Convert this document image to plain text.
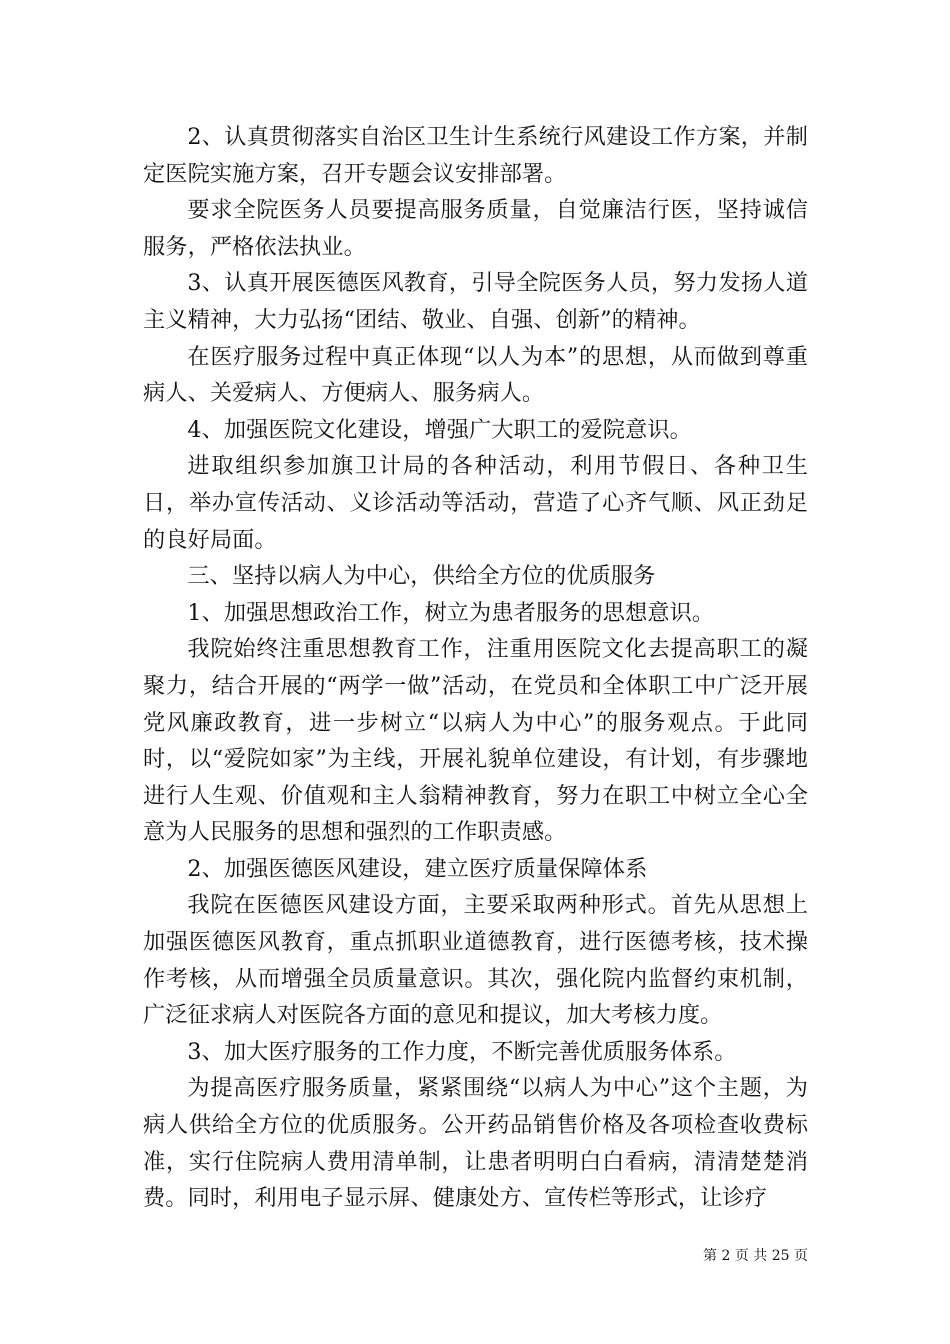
2、认真贯彻落实自治区卫生计生系统行风建设工作方案，并制定医院实施方案，召开专题会议安排部署。

要求全院医务人员要提高服务质量，自觉廉洁行医，坚持诚信服务，严格依法执业。

3、认真开展医德医风教育，引导全院医务人员，努力发扬人道主义精神，大力弘扬“团结、敬业、自强、创新”的精神。

在医疗服务过程中真正体现“以人为本”的思想，从而做到尊重病人、关爱病人、方便病人、服务病人。

4、加强医院文化建设，增强广大职工的爱院意识。

进取组织参加旗卫计局的各种活动，利用节假日、各种卫生日，举办宣传活动、义诊活动等活动，营造了心齐气顺、风正劲足的良好局面。

三、坚持以病人为中心，供给全方位的优质服务

1、加强思想政治工作，树立为患者服务的思想意识。

我院始终注重思想教育工作，注重用医院文化去提高职工的凝聚力，结合开展的“两学一做”活动，在党员和全体职工中广泛开展党风廉政教育，进一步树立“以病人为中心”的服务观点。于此同时，以“爱院如家”为主线，开展礼貌单位建设，有计划，有步骤地进行人生观、价值观和主人翁精神教育，努力在职工中树立全心全意为人民服务的思想和强烈的工作职责感。

2、加强医德医风建设，建立医疗质量保障体系

我院在医德医风建设方面，主要采取两种形式。首先从思想上加强医德医风教育，重点抓职业道德教育，进行医德考核，技术操作考核，从而增强全员质量意识。其次，强化院内监督约束机制，广泛征求病人对医院各方面的意见和提议，加大考核力度。

3、加大医疗服务的工作力度，不断完善优质服务体系。

为提高医疗服务质量，紧紧围绕“以病人为中心”这个主题，为病人供给全方位的优质服务。公开药品销售价格及各项检查收费标准，实行住院病人费用清单制，让患者明明白白看病，清清楚楚消费。同时，利用电子显示屏、健康处方、宣传栏等形式，让诊疗

第 2 页 共 25 页
